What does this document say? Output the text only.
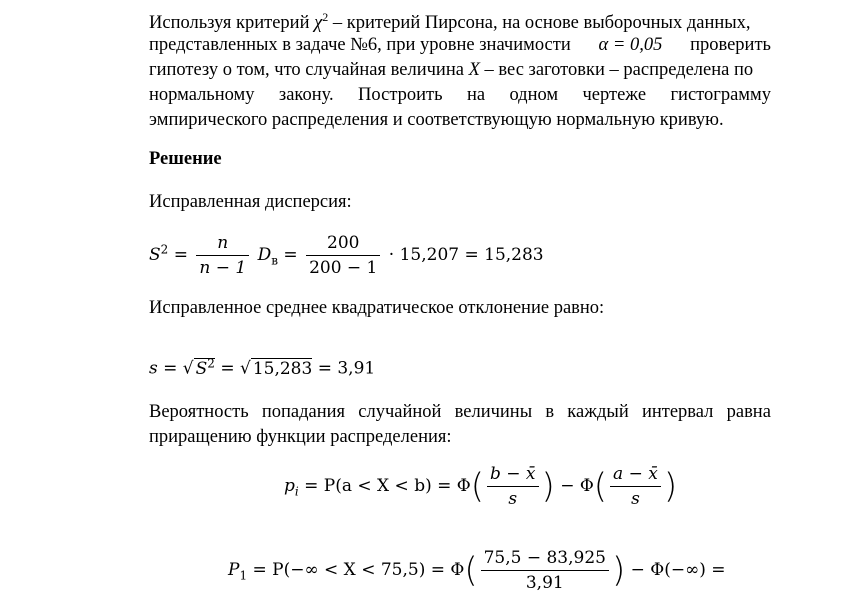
Используя критерий $\chi^2$ – критерий Пирсона, на основе выборочных данных,
представленных в задаче №6, при уровне значимости α = 0,05 проверить
гипотезу о том, что случайная величина X – вес заготовки – распределена по
нормальному закону. Построить на одном чертеже гистограмму
эмпирического распределения и соответствующую нормальную кривую.
Решение
Исправленная дисперсия:
$S^2 = \frac{n}{n - 1} D_в = \frac{200}{200 - 1} \cdot 15,207 = 15,283$
Исправленное среднее квадратическое отклонение равно:
s = √ $S^2$ = √ 15,283 = 3,91
Вероятность попадания случайной величины в каждый интервал равна
приращению функции распределения:
$p_i = P(a < X < b) = \Phi( \frac{b - x̄}{s}$ ) − $\Phi( \frac{a - x̄}{s}$ )
$P_1 = P(-\infty < X < 75,5) = \Phi( \frac{75,5 - 83,925}{3,91}$ ) − Φ(−∞) =
